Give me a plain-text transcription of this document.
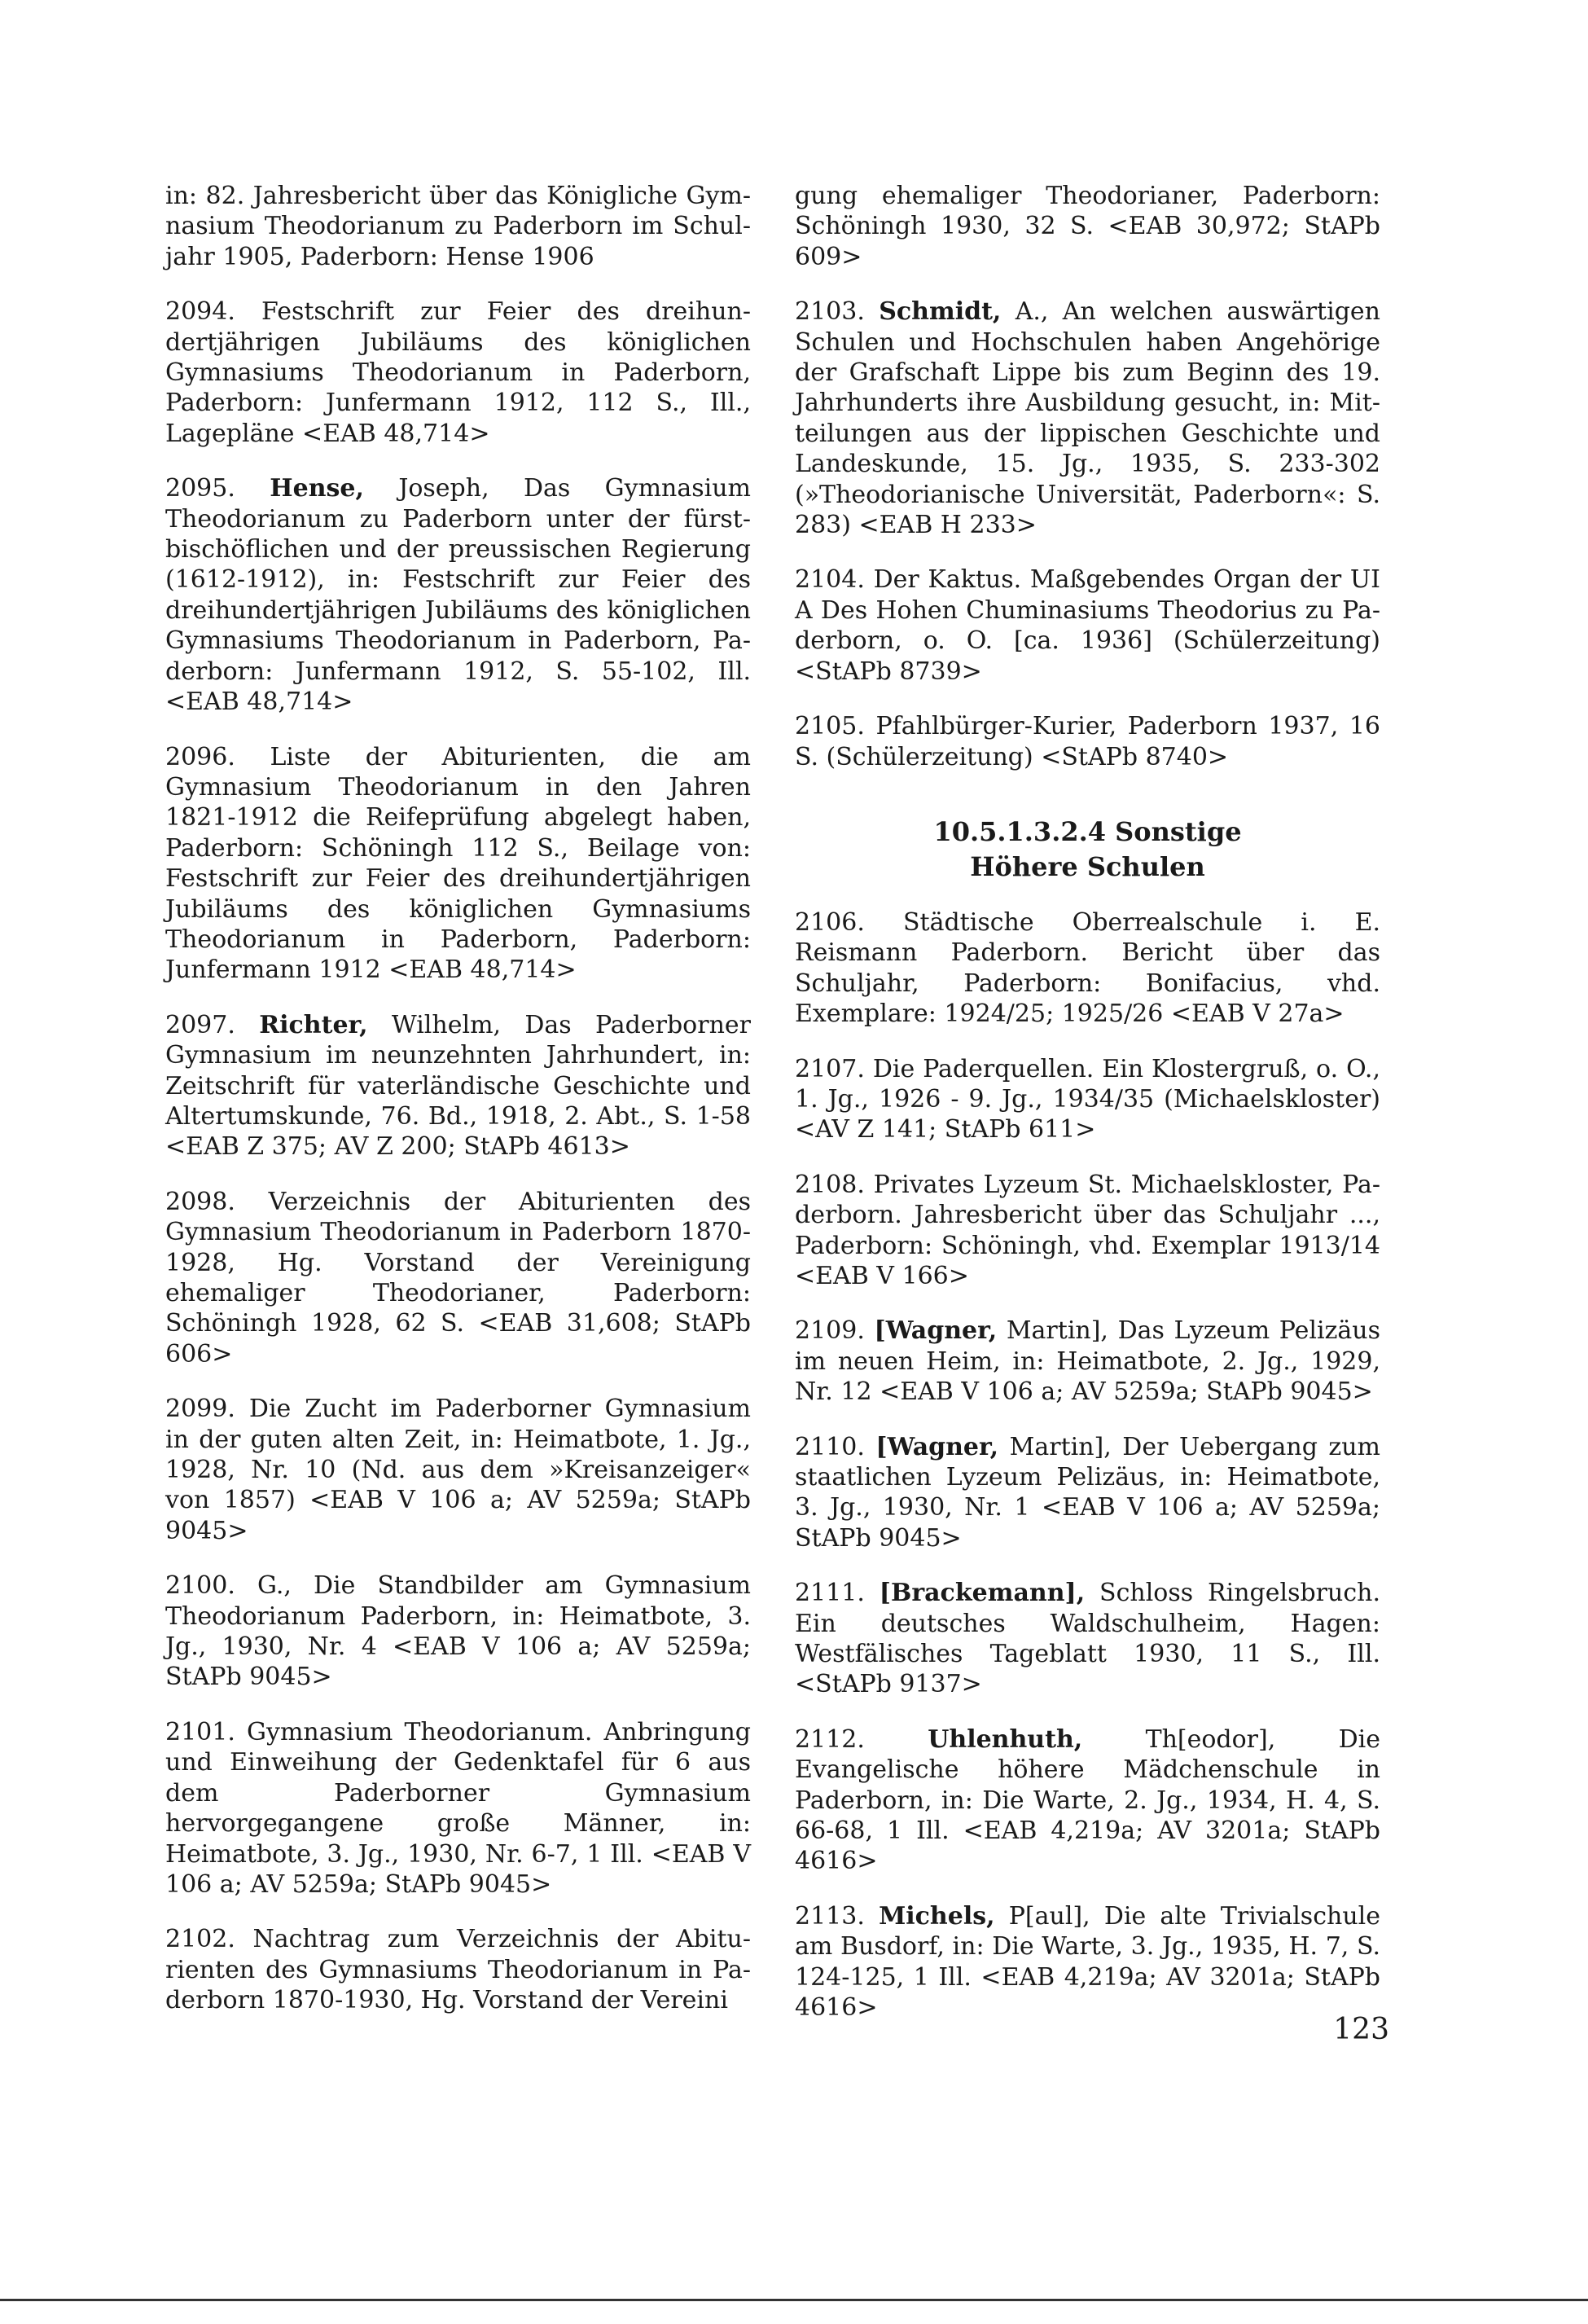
in: 82. Jahresbericht über das Königliche Gymnasium Theodorianum zu Paderborn im Schuljahr 1905, Paderborn: Hense 1906

2094. Festschrift zur Feier des dreihundertjährigen Jubiläums des königlichen Gymnasiums Theodorianum in Paderborn, Paderborn: Junfermann 1912, 112 S., Ill., Lagepläne <EAB 48,714>

2095. Hense, Joseph, Das Gymnasium Theodorianum zu Paderborn unter der fürstbischöflichen und der preussischen Regierung (1612-1912), in: Festschrift zur Feier des dreihundertjährigen Jubiläums des königlichen Gymnasiums Theodorianum in Paderborn, Paderborn: Junfermann 1912, S. 55-102, Ill. <EAB 48,714>

2096. Liste der Abiturienten, die am Gymnasium Theodorianum in den Jahren 1821-1912 die Reifeprüfung abgelegt haben, Paderborn: Schöningh 112 S., Beilage von: Festschrift zur Feier des dreihundertjährigen Jubiläums des königlichen Gymnasiums Theodorianum in Paderborn, Paderborn: Junfermann 1912 <EAB 48,714>

2097. Richter, Wilhelm, Das Paderborner Gymnasium im neunzehnten Jahrhundert, in: Zeitschrift für vaterländische Geschichte und Altertumskunde, 76. Bd., 1918, 2. Abt., S. 1-58 <EAB Z 375; AV Z 200; StAPb 4613>

2098. Verzeichnis der Abiturienten des Gymnasium Theodorianum in Paderborn 1870-1928, Hg. Vorstand der Vereinigung ehemaliger Theodorianer, Paderborn: Schöningh 1928, 62 S. <EAB 31,608; StAPb 606>

2099. Die Zucht im Paderborner Gymnasium in der guten alten Zeit, in: Heimatbote, 1. Jg., 1928, Nr. 10 (Nd. aus dem »Kreisanzeiger« von 1857) <EAB V 106 a; AV 5259a; StAPb 9045>

2100. G., Die Standbilder am Gymnasium Theodorianum Paderborn, in: Heimatbote, 3. Jg., 1930, Nr. 4 <EAB V 106 a; AV 5259a; StAPb 9045>

2101. Gymnasium Theodorianum. Anbringung und Einweihung der Gedenktafel für 6 aus dem Paderborner Gymnasium hervorgegangene große Männer, in: Heimatbote, 3. Jg., 1930, Nr. 6-7, 1 Ill. <EAB V 106 a; AV 5259a; StAPb 9045>

2102. Nachtrag zum Verzeichnis der Abiturienten des Gymnasiums Theodorianum in Paderborn 1870-1930, Hg. Vorstand der Vereini

gung ehemaliger Theodorianer, Paderborn: Schöningh 1930, 32 S. <EAB 30,972; StAPb 609>

2103. Schmidt, A., An welchen auswärtigen Schulen und Hochschulen haben Angehörige der Grafschaft Lippe bis zum Beginn des 19. Jahrhunderts ihre Ausbildung gesucht, in: Mitteilungen aus der lippischen Geschichte und Landeskunde, 15. Jg., 1935, S. 233-302 (»Theodorianische Universität, Paderborn«: S. 283) <EAB H 233>

2104. Der Kaktus. Maßgebendes Organ der UI A Des Hohen Chuminasiums Theodorius zu Paderborn, o. O. [ca. 1936] (Schülerzeitung) <StAPb 8739>

2105. Pfahlbürger-Kurier, Paderborn 1937, 16 S. (Schülerzeitung) <StAPb 8740>

10.5.1.3.2.4 Sonstige
Höhere Schulen

2106. Städtische Oberrealschule i. E. Reismann Paderborn. Bericht über das Schuljahr, Paderborn: Bonifacius, vhd. Exemplare: 1924/25; 1925/26 <EAB V 27a>

2107. Die Paderquellen. Ein Klostergruß, o. O., 1. Jg., 1926 - 9. Jg., 1934/35 (Michaelskloster) <AV Z 141; StAPb 611>

2108. Privates Lyzeum St. Michaelskloster, Paderborn. Jahresbericht über das Schuljahr ..., Paderborn: Schöningh, vhd. Exemplar 1913/14 <EAB V 166>

2109. [Wagner, Martin], Das Lyzeum Pelizäus im neuen Heim, in: Heimatbote, 2. Jg., 1929, Nr. 12 <EAB V 106 a; AV 5259a; StAPb 9045>

2110. [Wagner, Martin], Der Uebergang zum staatlichen Lyzeum Pelizäus, in: Heimatbote, 3. Jg., 1930, Nr. 1 <EAB V 106 a; AV 5259a; StAPb 9045>

2111. [Brackemann], Schloss Ringelsbruch. Ein deutsches Waldschulheim, Hagen: Westfälisches Tageblatt 1930, 11 S., Ill. <StAPb 9137>

2112.	Uhlenhuth,	Th[eodor], Die Evangelische höhere Mädchenschule in Paderborn, in: Die Warte, 2. Jg., 1934, H. 4, S. 66-68, 1 Ill. <EAB 4,219a; AV 3201a; StAPb 4616>

2113. Michels, P[aul], Die alte Trivialschule am Busdorf, in: Die Warte, 3. Jg., 1935, H. 7, S. 124-125, 1 Ill. <EAB 4,219a; AV 3201a; StAPb 4616>

123
